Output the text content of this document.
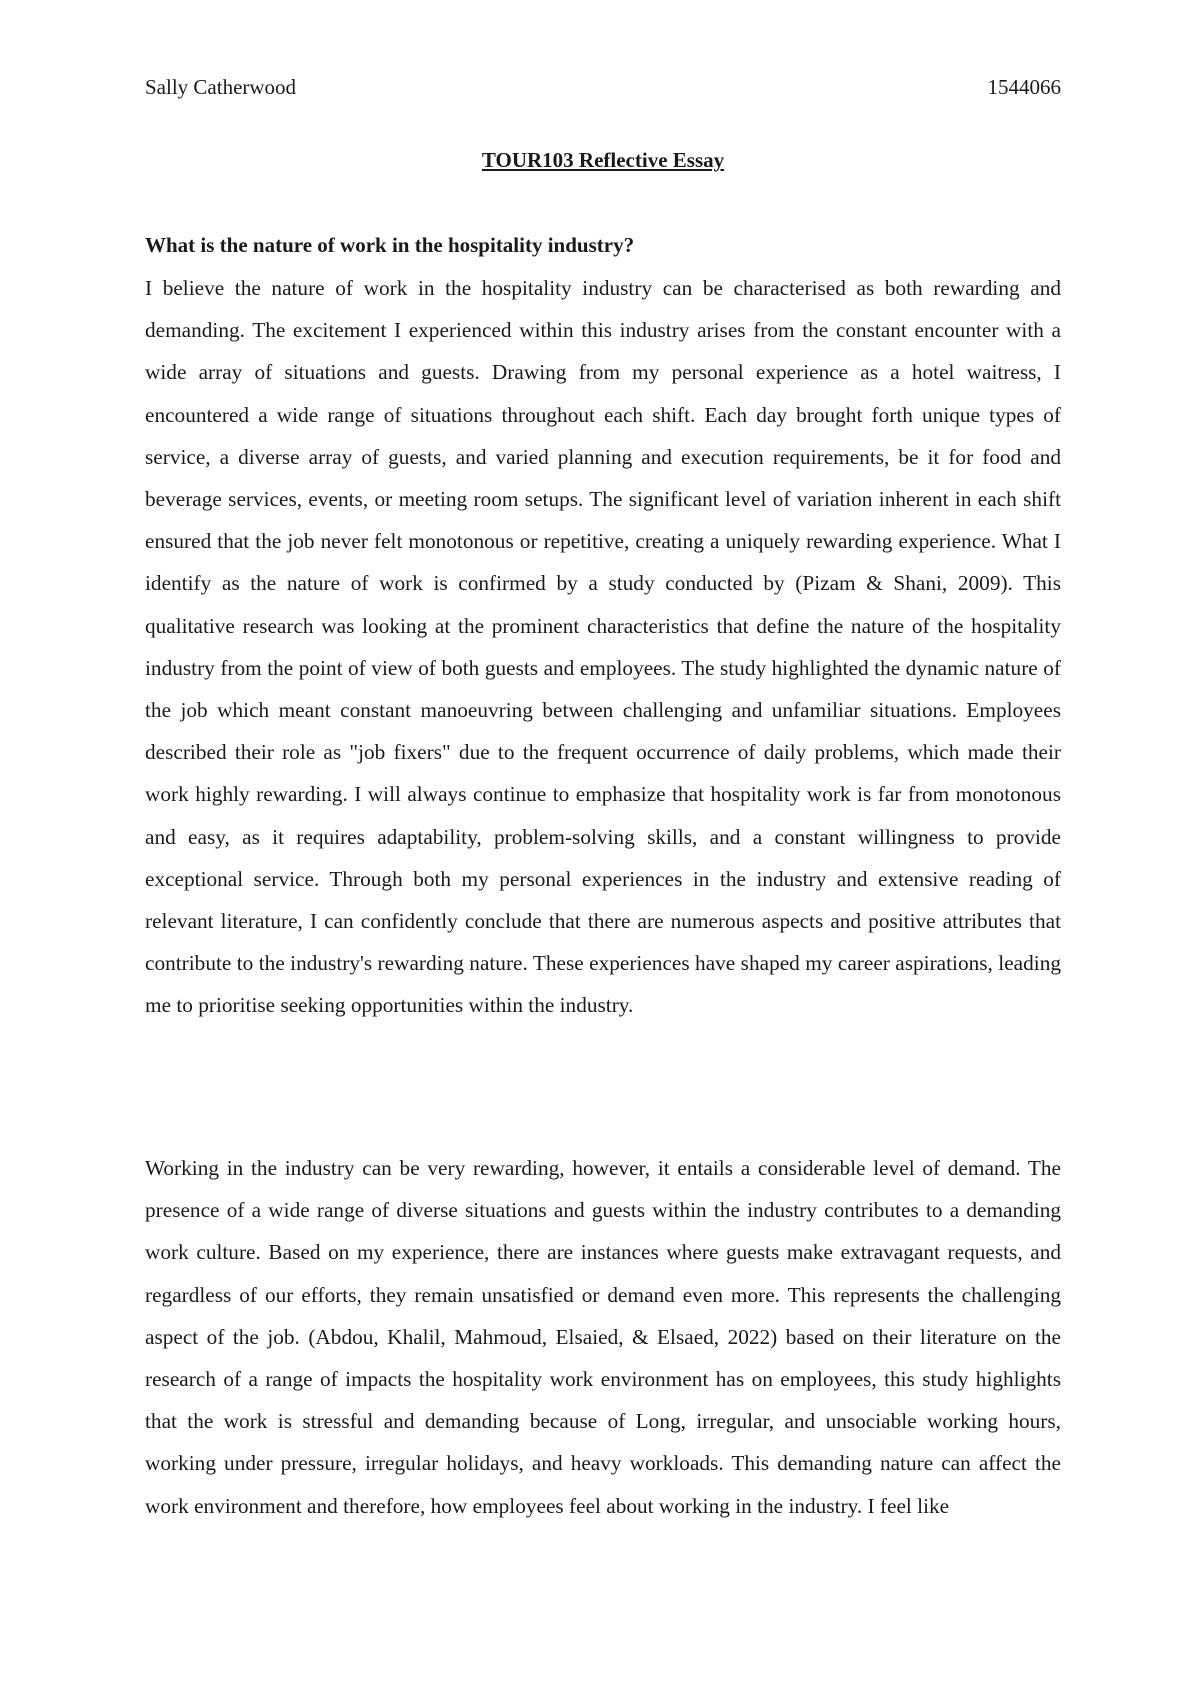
Sally Catherwood	1544066
TOUR103 Reflective Essay
What is the nature of work in the hospitality industry?

I believe the nature of work in the hospitality industry can be characterised as both rewarding and demanding. The excitement I experienced within this industry arises from the constant encounter with a wide array of situations and guests. Drawing from my personal experience as a hotel waitress, I encountered a wide range of situations throughout each shift. Each day brought forth unique types of service, a diverse array of guests, and varied planning and execution requirements, be it for food and beverage services, events, or meeting room setups. The significant level of variation inherent in each shift ensured that the job never felt monotonous or repetitive, creating a uniquely rewarding experience. What I identify as the nature of work is confirmed by a study conducted by (Pizam & Shani, 2009). This qualitative research was looking at the prominent characteristics that define the nature of the hospitality industry from the point of view of both guests and employees. The study highlighted the dynamic nature of the job which meant constant manoeuvring between challenging and unfamiliar situations. Employees described their role as "job fixers" due to the frequent occurrence of daily problems, which made their work highly rewarding. I will always continue to emphasize that hospitality work is far from monotonous and easy, as it requires adaptability, problem-solving skills, and a constant willingness to provide exceptional service. Through both my personal experiences in the industry and extensive reading of relevant literature, I can confidently conclude that there are numerous aspects and positive attributes that contribute to the industry's rewarding nature. These experiences have shaped my career aspirations, leading me to prioritise seeking opportunities within the industry.

Working in the industry can be very rewarding, however, it entails a considerable level of demand. The presence of a wide range of diverse situations and guests within the industry contributes to a demanding work culture. Based on my experience, there are instances where guests make extravagant requests, and regardless of our efforts, they remain unsatisfied or demand even more. This represents the challenging aspect of the job. (Abdou, Khalil, Mahmoud, Elsaied, & Elsaed, 2022) based on their literature on the research of a range of impacts the hospitality work environment has on employees, this study highlights that the work is stressful and demanding because of Long, irregular, and unsociable working hours, working under pressure, irregular holidays, and heavy workloads. This demanding nature can affect the work environment and therefore, how employees feel about working in the industry. I feel like
